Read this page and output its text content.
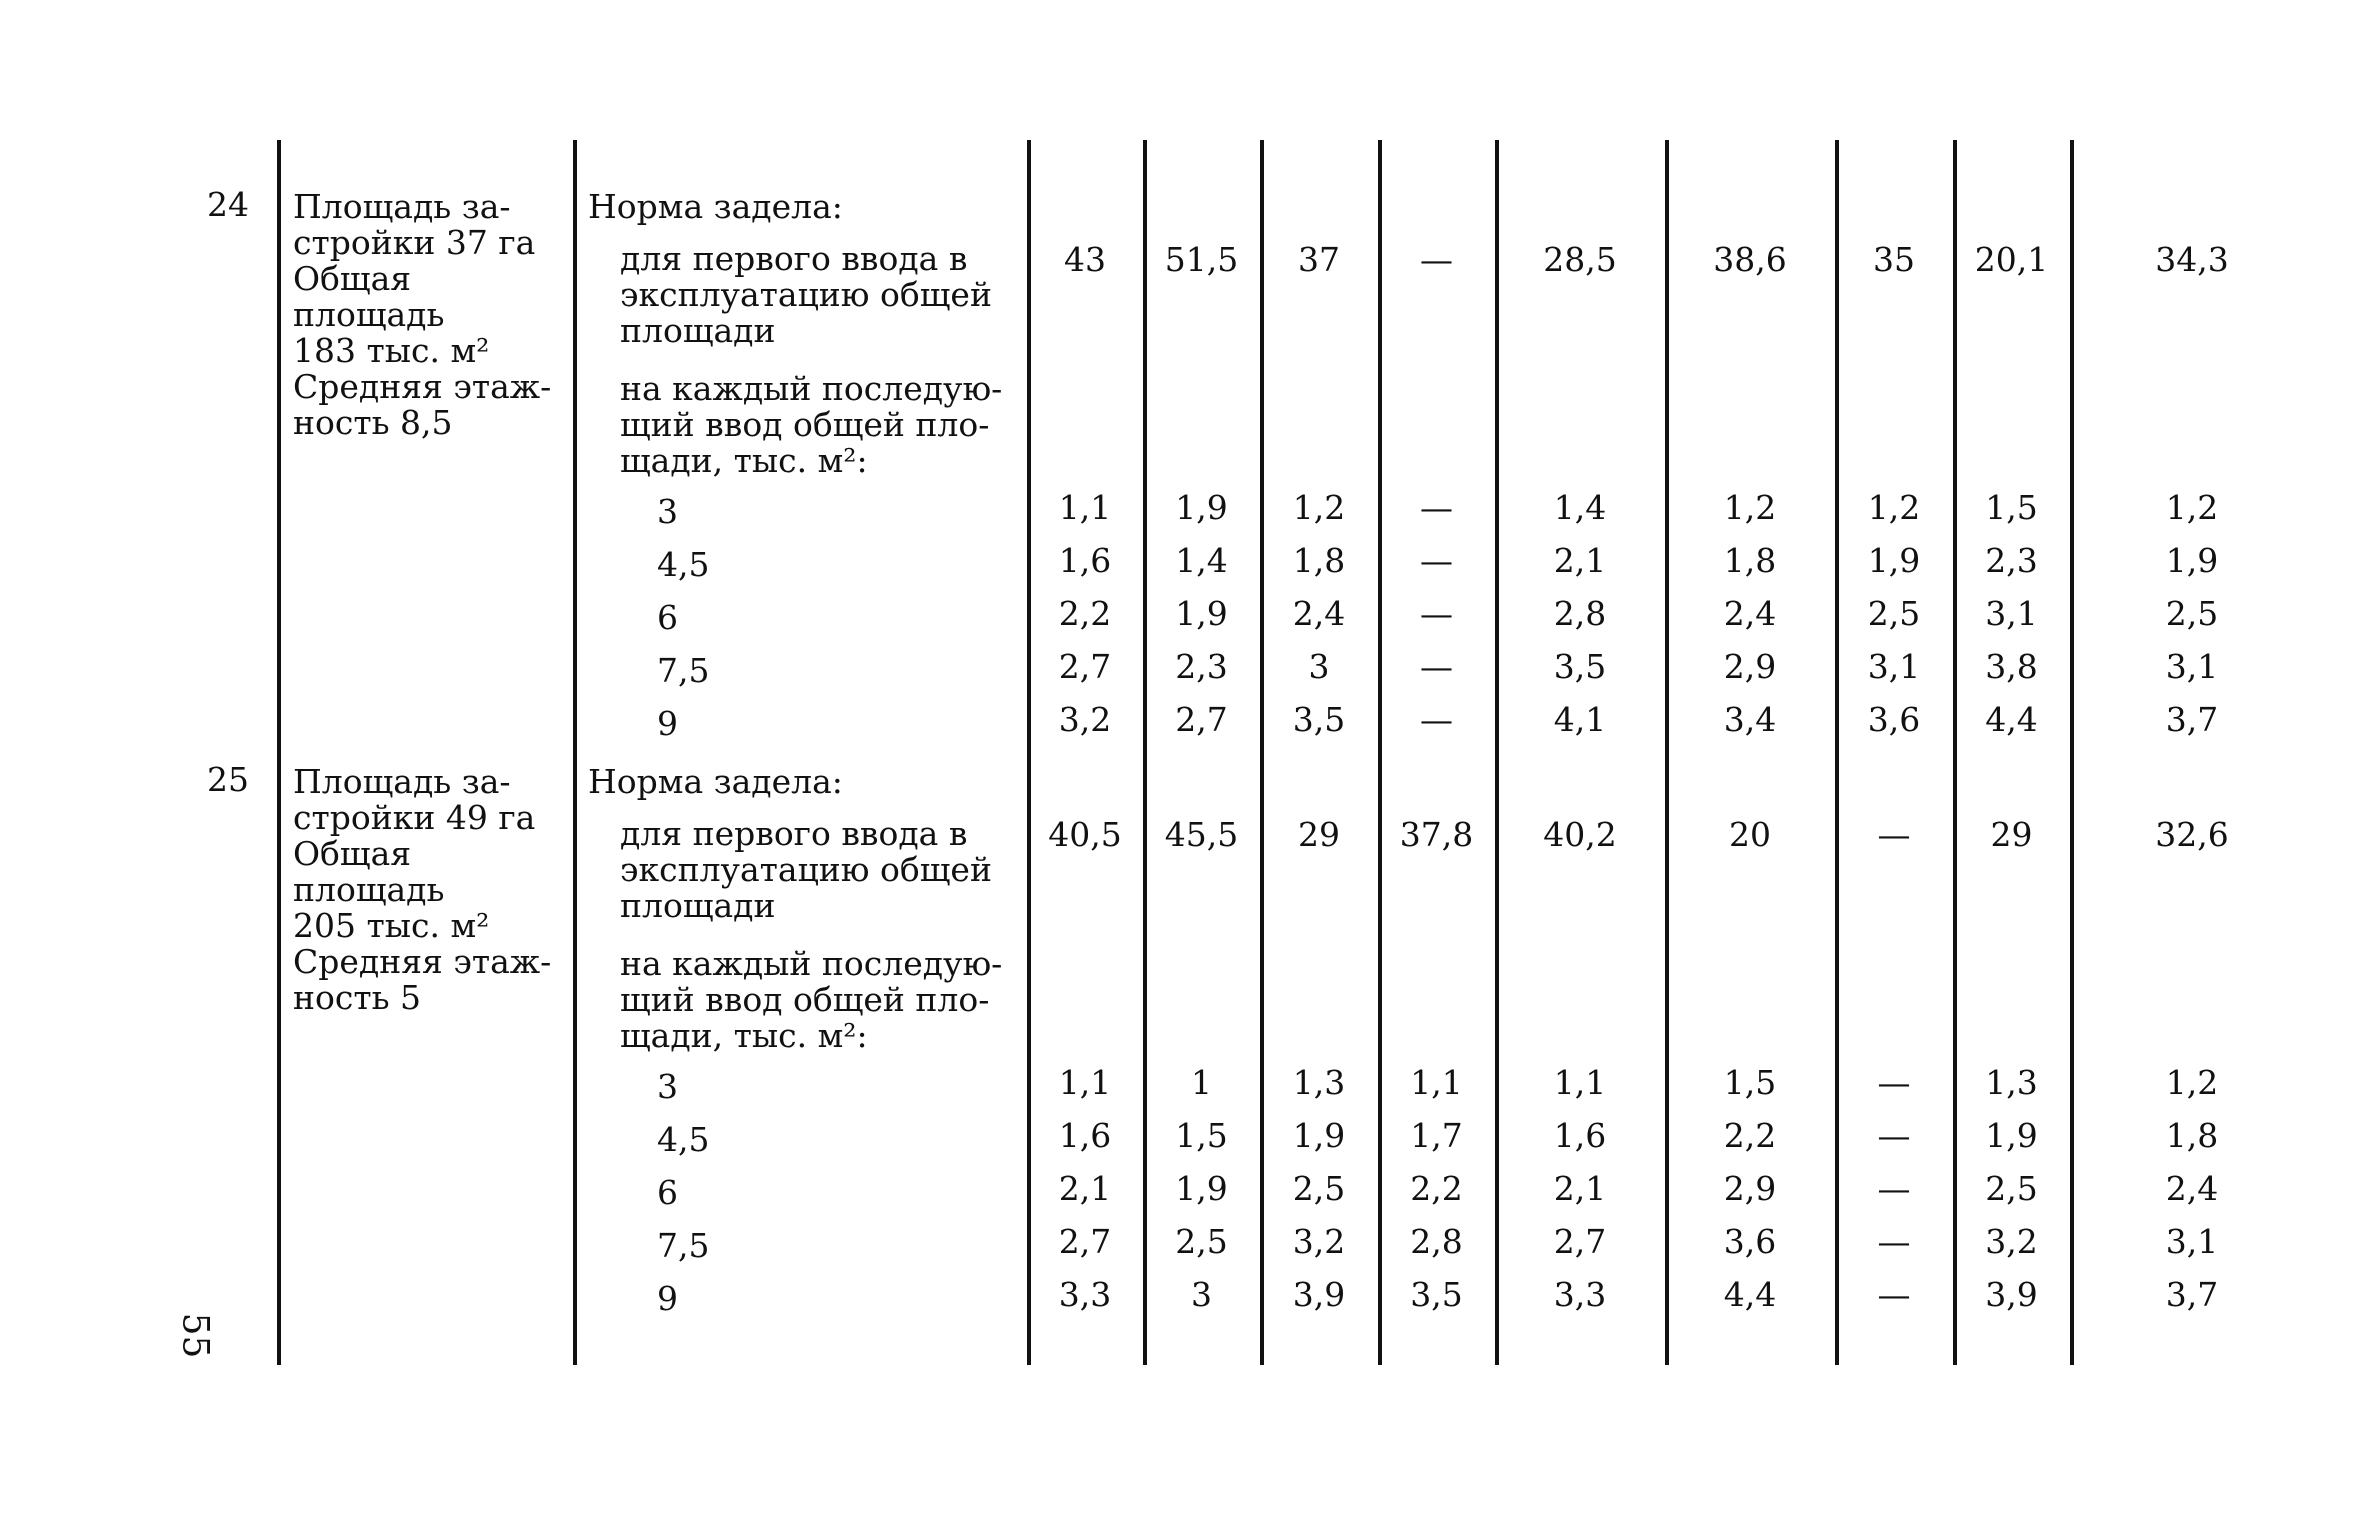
24 Площадь за-
стройки 37 га
Общая
площадь
183 тыс. м²
Средняя этаж-
ность 8,5
Норма задела:
для первого ввода в
эксплуатацию общей
площади
43	51,5	37	—	28,5	38,6	35	20,1	34,3
на каждый последую-
щий ввод общей пло-
щади, тыс. м²:
3	1,1	1,9	1,2	—	1,4	1,2	1,2	1,5	1,2
4,5	1,6	1,4	1,8	—	2,1	1,8	1,9	2,3	1,9
6	2,2	1,9	2,4	—	2,8	2,4	2,5	3,1	2,5
7,5	2,7	2,3	3	—	3,5	2,9	3,1	3,8	3,1
9	3,2	2,7	3,5	—	4,1	3,4	3,6	4,4	3,7
25 Площадь за-
стройки 49 га
Общая
площадь
205 тыс. м²
Средняя этаж-
ность 5
Норма задела:
для первого ввода в
эксплуатацию общей
площади
40,5	45,5	29	37,8	40,2	20	—	29	32,6
на каждый последую-
щий ввод общей пло-
щади, тыс. м²:
3	1,1	1	1,3	1,1	1,1	1,5	—	1,3	1,2
4,5	1,6	1,5	1,9	1,7	1,6	2,2	—	1,9	1,8
6	2,1	1,9	2,5	2,2	2,1	2,9	—	2,5	2,4
7,5	2,7	2,5	3,2	2,8	2,7	3,6	—	3,2	3,1
9	3,3	3	3,9	3,5	3,3	4,4	—	3,9	3,7
55
